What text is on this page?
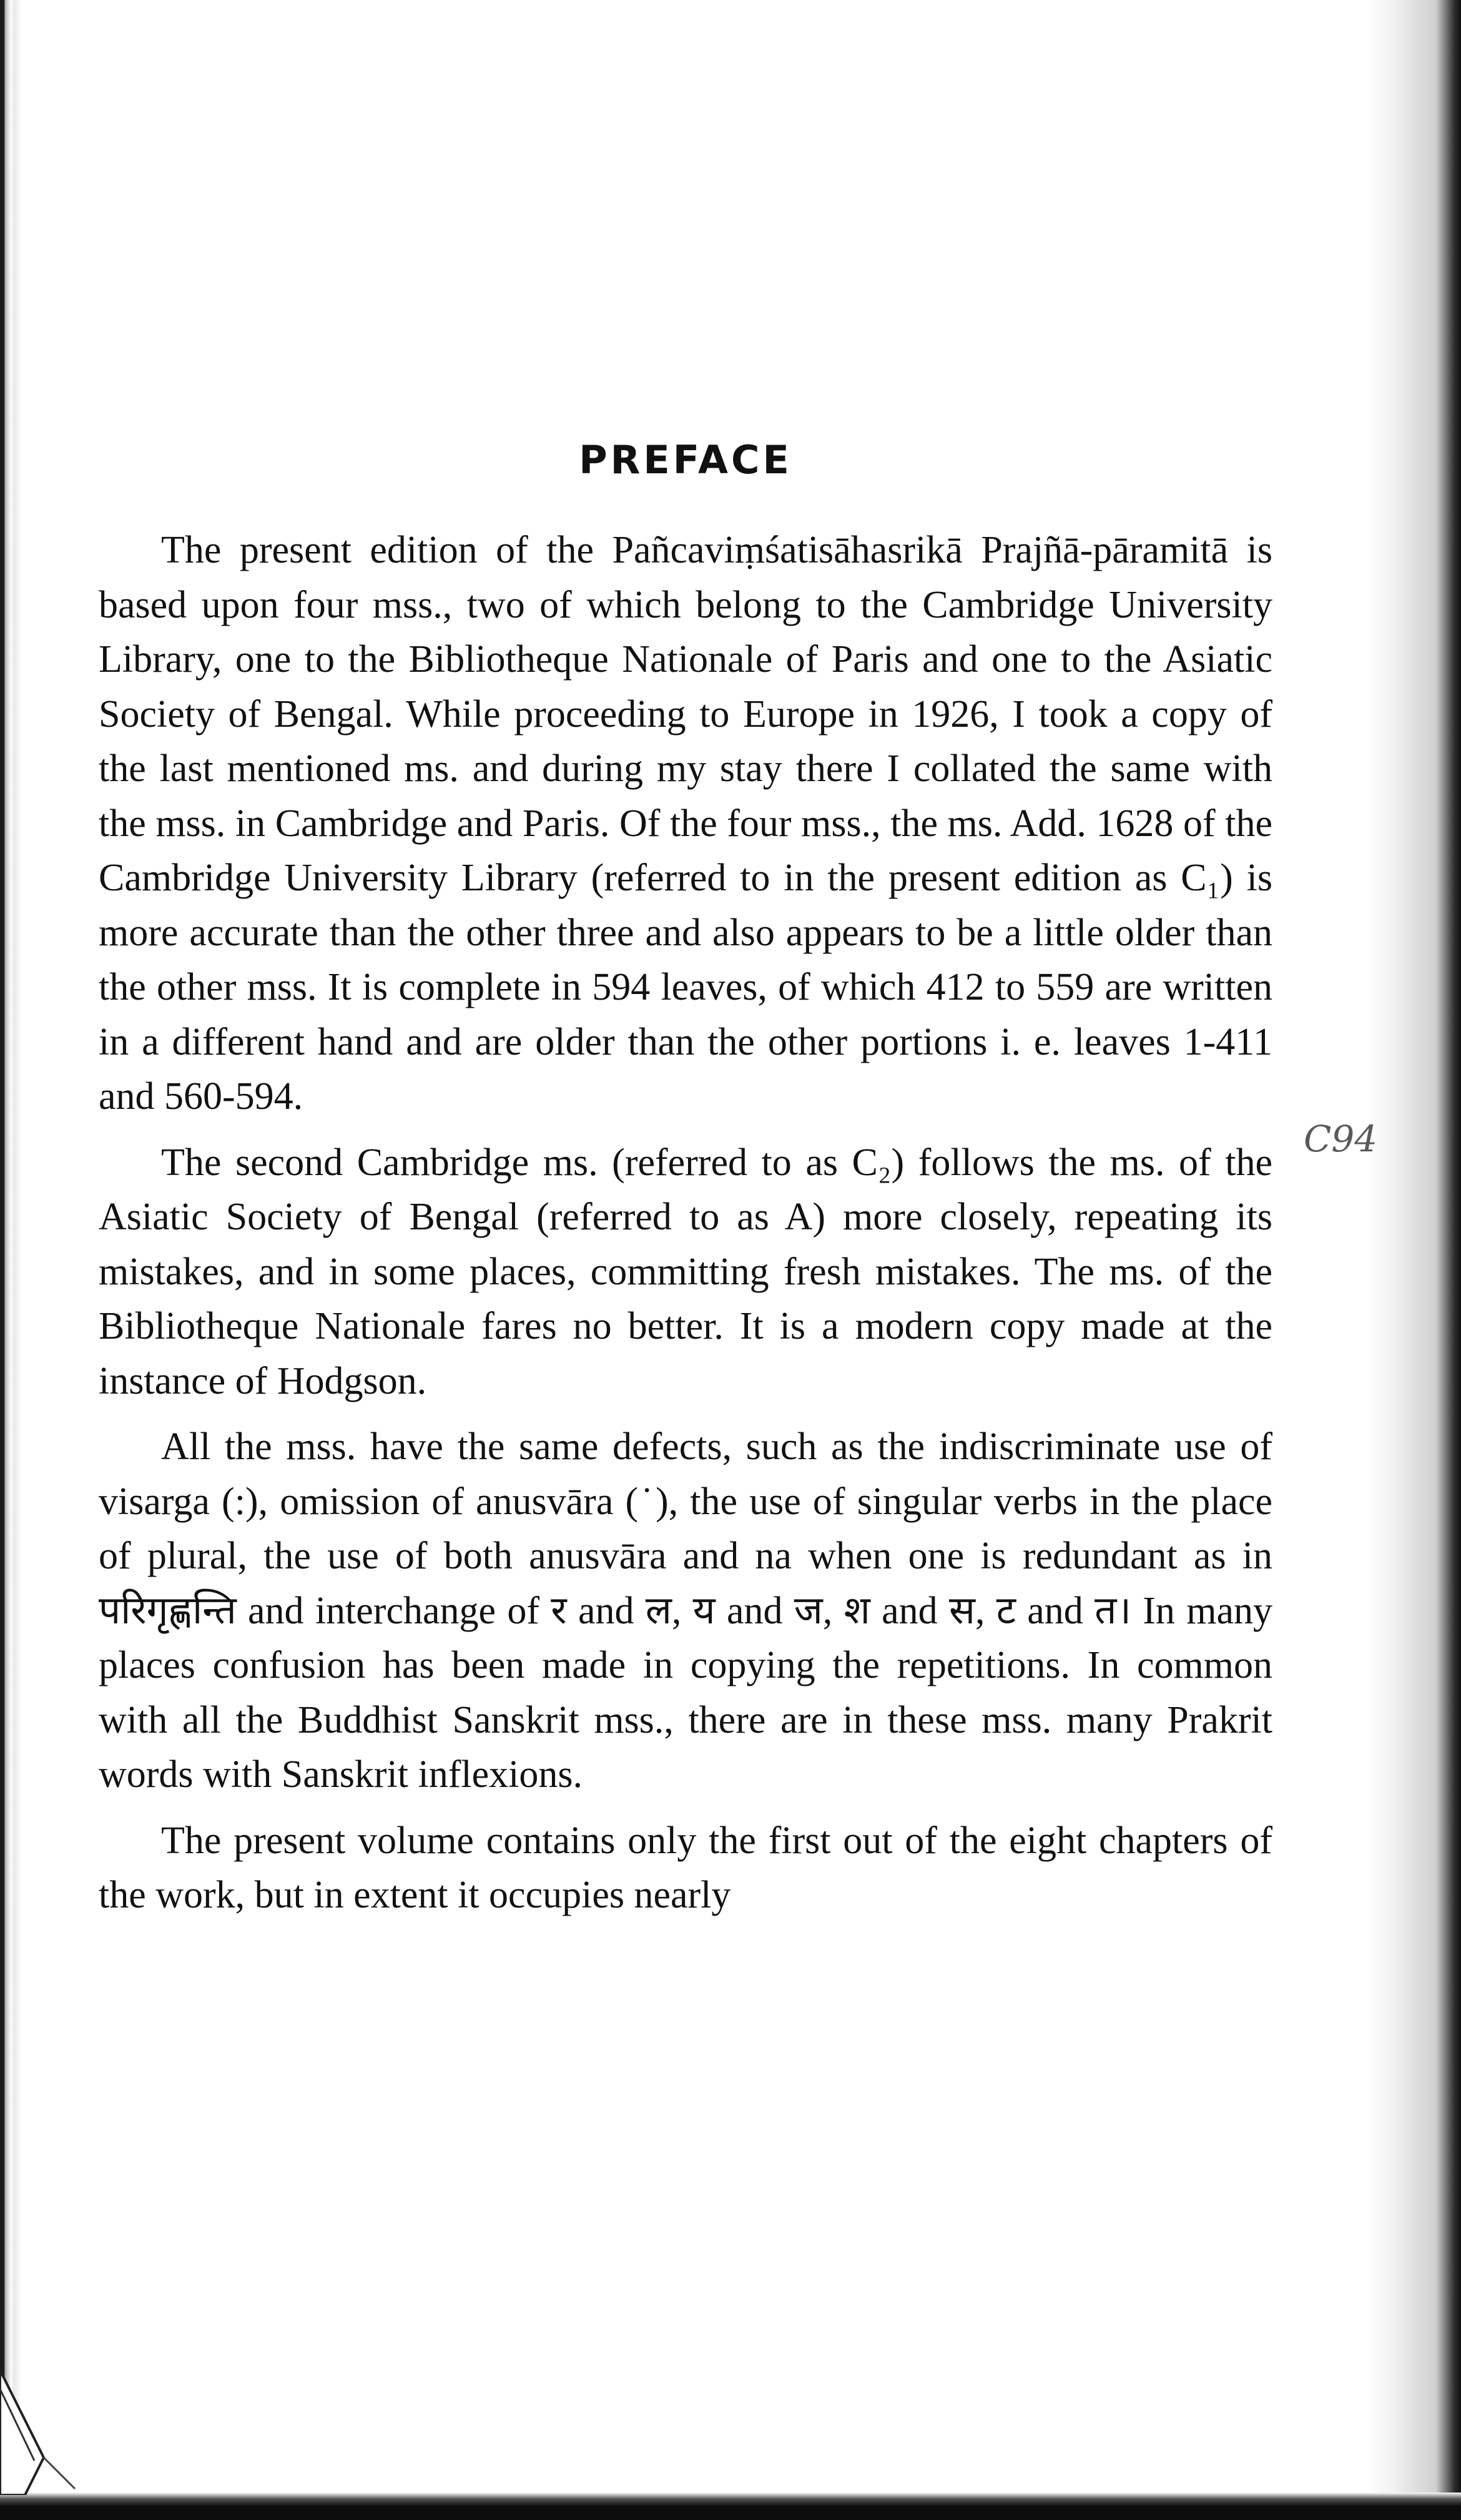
PREFACE

The present edition of the Pañcaviṃśatisāhasrikā Prajñā-pāramitā is based upon four mss., two of which belong to the Cambridge University Library, one to the Bibliotheque Nationale of Paris and one to the Asiatic Society of Bengal. While proceeding to Europe in 1926, I took a copy of the last mentioned ms. and during my stay there I collated the same with the mss. in Cambridge and Paris. Of the four mss., the ms. Add. 1628 of the Cambridge University Library (referred to in the present edition as C₁) is more accurate than the other three and also appears to be a little older than the other mss. It is complete in 594 leaves, of which 412 to 559 are written in a different hand and are older than the other portions i. e. leaves 1-411 and 560-594.

The second Cambridge ms. (referred to as C₂) follows the ms. of the Asiatic Society of Bengal (referred to as A) more closely, repeating its mistakes, and in some places, committing fresh mistakes. The ms. of the Bibliotheque Nationale fares no better. It is a modern copy made at the instance of Hodgson.

All the mss. have the same defects, such as the indiscriminate use of visarga (:), omission of anusvāra (˙), the use of singular verbs in the place of plural, the use of both anusvāra and na when one is redundant as in परिगृह्णन्ति and interchange of र and ल, य and ज, श and स, ट and त। In many places confusion has been made in copying the repetitions. In common with all the Buddhist Sanskrit mss., there are in these mss. many Prakrit words with Sanskrit inflexions.

The present volume contains only the first out of the eight chapters of the work, but in extent it occupies nearly

C94
